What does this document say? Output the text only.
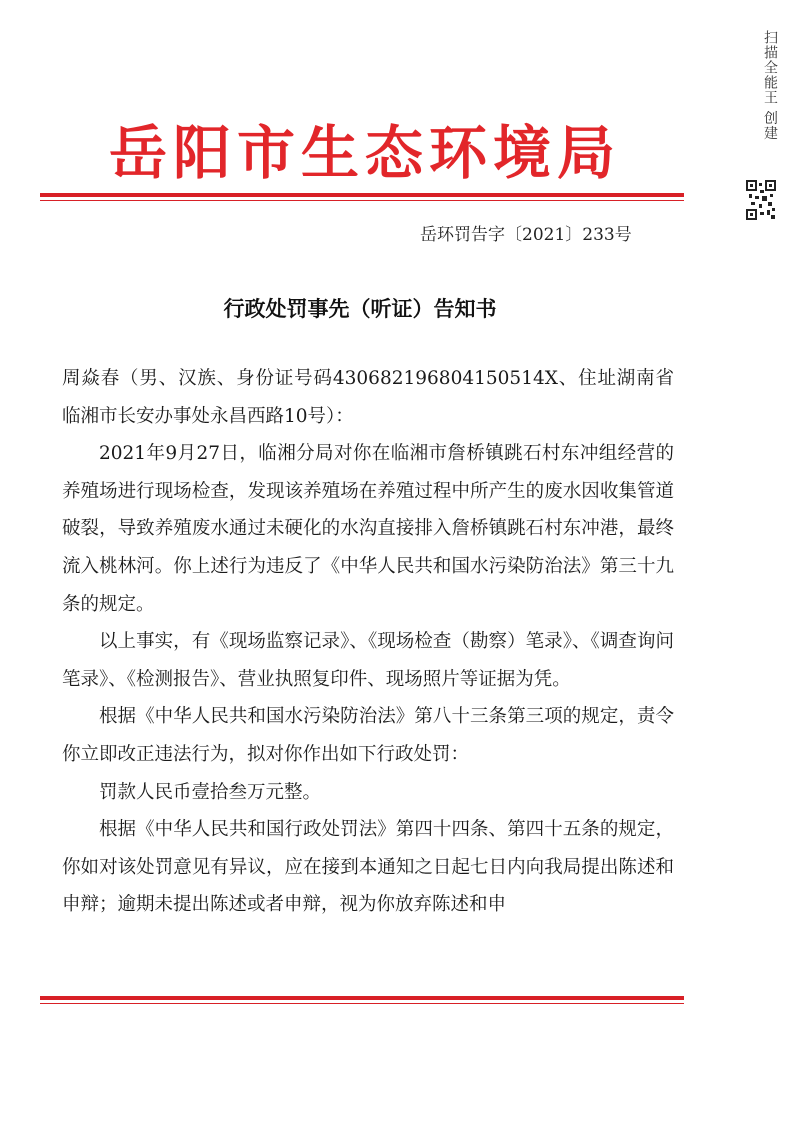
扫描全能王 创建
岳阳市生态环境局
岳环罚告字〔2021〕233号
行政处罚事先（听证）告知书

周焱春（男、汉族、身份证号码430682196804150514X、住址湖南省临湘市长安办事处永昌西路10号）：

2021年9月27日，临湘分局对你在临湘市詹桥镇跳石村东冲组经营的养殖场进行现场检查，发现该养殖场在养殖过程中所产生的废水因收集管道破裂，导致养殖废水通过未硬化的水沟直接排入詹桥镇跳石村东冲港，最终流入桃林河。你上述行为违反了《中华人民共和国水污染防治法》第三十九条的规定。

以上事实，有《现场监察记录》、《现场检查（勘察）笔录》、《调查询问笔录》、《检测报告》、营业执照复印件、现场照片等证据为凭。

根据《中华人民共和国水污染防治法》第八十三条第三项的规定，责令你立即改正违法行为，拟对你作出如下行政处罚：

罚款人民币壹拾叁万元整。

根据《中华人民共和国行政处罚法》第四十四条、第四十五条的规定，你如对该处罚意见有异议，应在接到本通知之日起七日内向我局提出陈述和申辩；逾期未提出陈述或者申辩，视为你放弃陈述和申
